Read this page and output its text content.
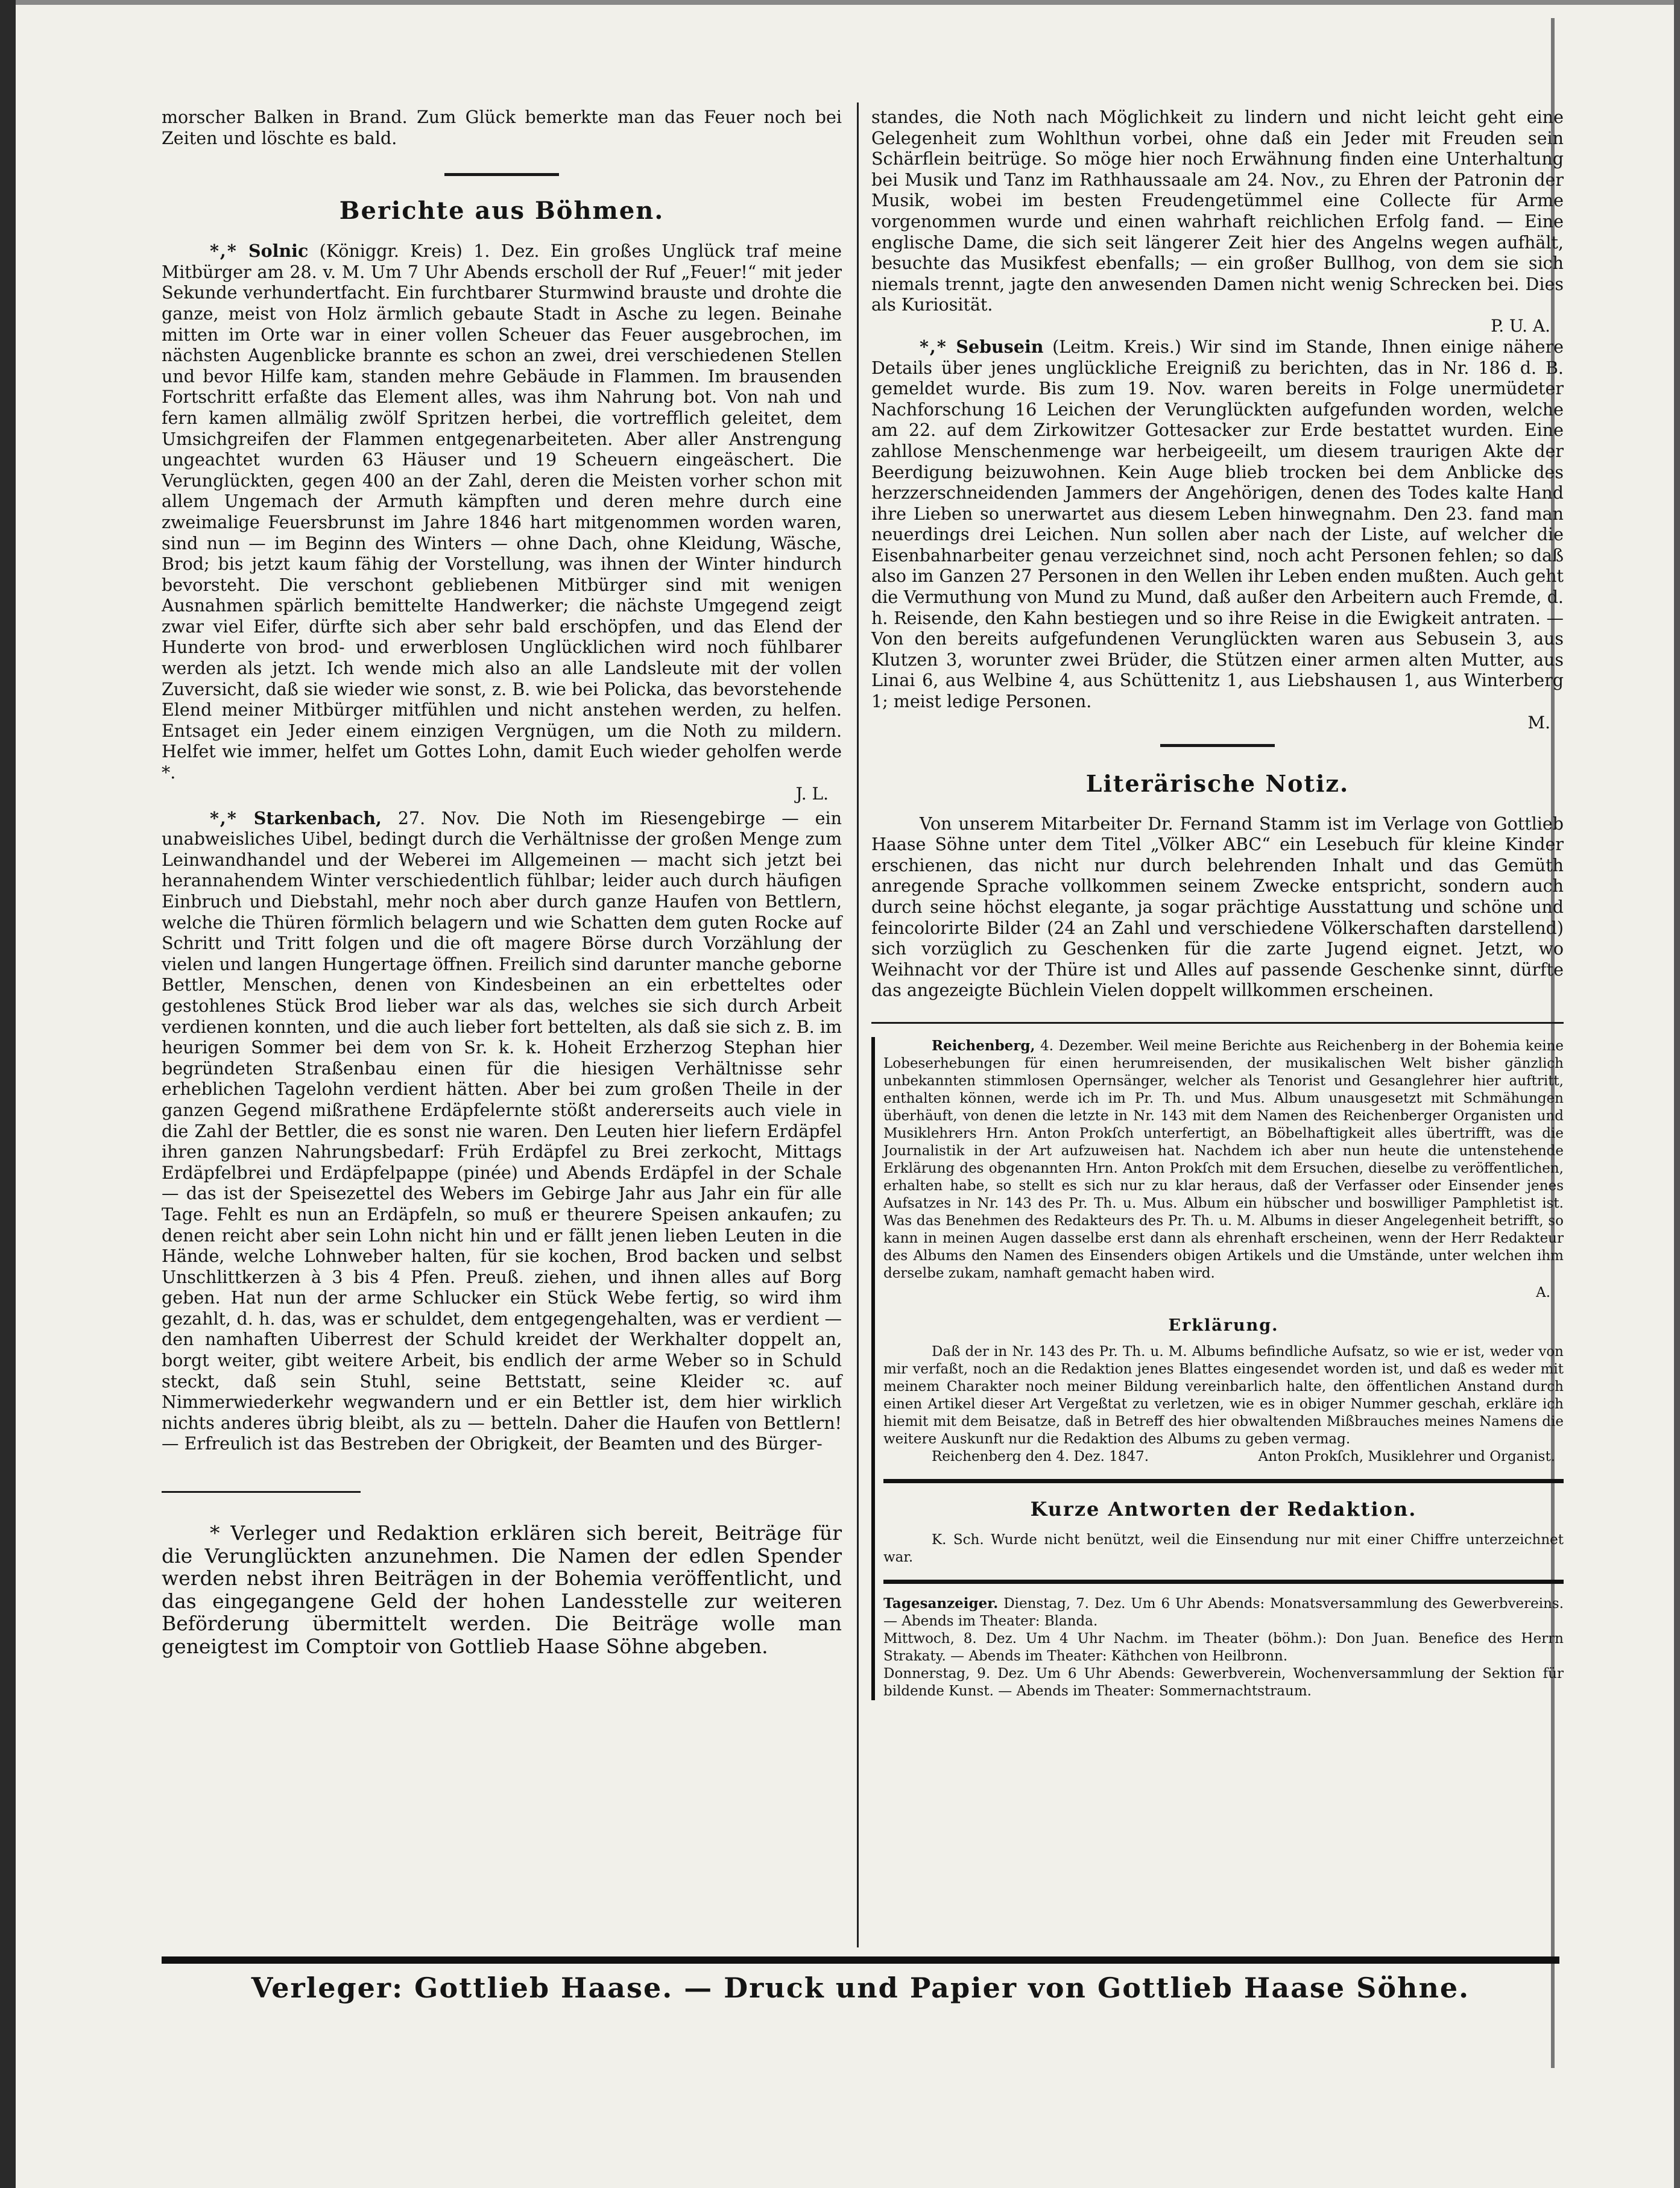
morscher Balken in Brand. Zum Glück bemerkte man das Feuer noch bei Zeiten und löschte es bald.

Berichte aus Böhmen.

*,* Solnic (Königgr. Kreis) 1. Dez. Ein großes Unglück traf meine Mitbürger am 28. v. M. Um 7 Uhr Abends erscholl der Ruf „Feuer!“ mit jeder Sekunde verhundertfacht. Ein furchtbarer Sturmwind brauste und drohte die ganze, meist von Holz ärmlich gebaute Stadt in Asche zu legen. Beinahe mitten im Orte war in einer vollen Scheuer das Feuer ausgebrochen, im nächsten Augenblicke brannte es schon an zwei, drei verschiedenen Stellen und bevor Hilfe kam, standen mehre Gebäude in Flammen. Im brausenden Fortschritt erfaßte das Element alles, was ihm Nahrung bot. Von nah und fern kamen allmälig zwölf Spritzen herbei, die vortrefflich geleitet, dem Umsichgreifen der Flammen entgegenarbeiteten. Aber aller Anstrengung ungeachtet wurden 63 Häuser und 19 Scheuern eingeäschert. Die Verunglückten, gegen 400 an der Zahl, deren die Meisten vorher schon mit allem Ungemach der Armuth kämpften und deren mehre durch eine zweimalige Feuersbrunst im Jahre 1846 hart mitgenommen worden waren, sind nun — im Beginn des Winters — ohne Dach, ohne Kleidung, Wäsche, Brod; bis jetzt kaum fähig der Vorstellung, was ihnen der Winter hindurch bevorsteht. Die verschont gebliebenen Mitbürger sind mit wenigen Ausnahmen spärlich bemittelte Handwerker; die nächste Umgegend zeigt zwar viel Eifer, dürfte sich aber sehr bald erschöpfen, und das Elend der Hunderte von brod- und erwerblosen Unglücklichen wird noch fühlbarer werden als jetzt. Ich wende mich also an alle Landsleute mit der vollen Zuversicht, daß sie wieder wie sonst, z. B. wie bei Policka, das bevorstehende Elend meiner Mitbürger mitfühlen und nicht anstehen werden, zu helfen. Entsaget ein Jeder einem einzigen Vergnügen, um die Noth zu mildern. Helfet wie immer, helfet um Gottes Lohn, damit Euch wieder geholfen werde *.

J. L.

*,* Starkenbach, 27. Nov. Die Noth im Riesengebirge — ein unabweisliches Uibel, bedingt durch die Verhältnisse der großen Menge zum Leinwandhandel und der Weberei im Allgemeinen — macht sich jetzt bei herannahendem Winter verschiedentlich fühlbar; leider auch durch häufigen Einbruch und Diebstahl, mehr noch aber durch ganze Haufen von Bettlern, welche die Thüren förmlich belagern und wie Schatten dem guten Rocke auf Schritt und Tritt folgen und die oft magere Börse durch Vorzählung der vielen und langen Hungertage öffnen. Freilich sind darunter manche geborne Bettler, Menschen, denen von Kindesbeinen an ein erbetteltes oder gestohlenes Stück Brod lieber war als das, welches sie sich durch Arbeit verdienen konnten, und die auch lieber fort bettelten, als daß sie sich z. B. im heurigen Sommer bei dem von Sr. k. k. Hoheit Erzherzog Stephan hier begründeten Straßenbau einen für die hiesigen Verhältnisse sehr erheblichen Tagelohn verdient hätten. Aber bei zum großen Theile in der ganzen Gegend mißrathene Erdäpfelernte stößt andererseits auch viele in die Zahl der Bettler, die es sonst nie waren. Den Leuten hier liefern Erdäpfel ihren ganzen Nahrungsbedarf: Früh Erdäpfel zu Brei zerkocht, Mittags Erdäpfelbrei und Erdäpfelpappe (pinée) und Abends Erdäpfel in der Schale — das ist der Speisezettel des Webers im Gebirge Jahr aus Jahr ein für alle Tage. Fehlt es nun an Erdäpfeln, so muß er theurere Speisen ankaufen; zu denen reicht aber sein Lohn nicht hin und er fällt jenen lieben Leuten in die Hände, welche Lohnweber halten, für sie kochen, Brod backen und selbst Unschlittkerzen à 3 bis 4 Pfen. Preuß. ziehen, und ihnen alles auf Borg geben. Hat nun der arme Schlucker ein Stück Webe fertig, so wird ihm gezahlt, d. h. das, was er schuldet, dem entgegengehalten, was er verdient — den namhaften Uiberrest der Schuld kreidet der Werkhalter doppelt an, borgt weiter, gibt weitere Arbeit, bis endlich der arme Weber so in Schuld steckt, daß sein Stuhl, seine Bettstatt, seine Kleider ꝛc. auf Nimmerwiederkehr wegwandern und er ein Bettler ist, dem hier wirklich nichts anderes übrig bleibt, als zu — betteln. Daher die Haufen von Bettlern! — Erfreulich ist das Bestreben der Obrigkeit, der Beamten und des Bürger-

* Verleger und Redaktion erklären sich bereit, Beiträge für die Verunglückten anzunehmen. Die Namen der edlen Spender werden nebst ihren Beiträgen in der Bohemia veröffentlicht, und das eingegangene Geld der hohen Landesstelle zur weiteren Beförderung übermittelt werden. Die Beiträge wolle man geneigtest im Comptoir von Gottlieb Haase Söhne abgeben.

standes, die Noth nach Möglichkeit zu lindern und nicht leicht geht eine Gelegenheit zum Wohlthun vorbei, ohne daß ein Jeder mit Freuden sein Schärflein beitrüge. So möge hier noch Erwähnung finden eine Unterhaltung bei Musik und Tanz im Rathhaussaale am 24. Nov., zu Ehren der Patronin der Musik, wobei im besten Freudengetümmel eine Collecte für Arme vorgenommen wurde und einen wahrhaft reichlichen Erfolg fand. — Eine englische Dame, die sich seit längerer Zeit hier des Angelns wegen aufhält, besuchte das Musikfest ebenfalls; — ein großer Bullhog, von dem sie sich niemals trennt, jagte den anwesenden Damen nicht wenig Schrecken bei. Dies als Kuriosität.

P. U. A.

*,* Sebusein (Leitm. Kreis.) Wir sind im Stande, Ihnen einige nähere Details über jenes unglückliche Ereigniß zu berichten, das in Nr. 186 d. B. gemeldet wurde. Bis zum 19. Nov. waren bereits in Folge unermüdeter Nachforschung 16 Leichen der Verunglückten aufgefunden worden, welche am 22. auf dem Zirkowitzer Gottesacker zur Erde bestattet wurden. Eine zahllose Menschenmenge war herbeigeeilt, um diesem traurigen Akte der Beerdigung beizuwohnen. Kein Auge blieb trocken bei dem Anblicke des herzzerschneidenden Jammers der Angehörigen, denen des Todes kalte Hand ihre Lieben so unerwartet aus diesem Leben hinwegnahm. Den 23. fand man neuerdings drei Leichen. Nun sollen aber nach der Liste, auf welcher die Eisenbahnarbeiter genau verzeichnet sind, noch acht Personen fehlen; so daß also im Ganzen 27 Personen in den Wellen ihr Leben enden mußten. Auch geht die Vermuthung von Mund zu Mund, daß außer den Arbeitern auch Fremde, d. h. Reisende, den Kahn bestiegen und so ihre Reise in die Ewigkeit antraten. — Von den bereits aufgefundenen Verunglückten waren aus Sebusein 3, aus Klutzen 3, worunter zwei Brüder, die Stützen einer armen alten Mutter, aus Linai 6, aus Welbine 4, aus Schüttenitz 1, aus Liebshausen 1, aus Winterberg 1; meist ledige Personen.

M.
Literärische Notiz.

Von unserem Mitarbeiter Dr. Fernand Stamm ist im Verlage von Gottlieb Haase Söhne unter dem Titel „Völker ABC“ ein Lesebuch für kleine Kinder erschienen, das nicht nur durch belehrenden Inhalt und das Gemüth anregende Sprache vollkommen seinem Zwecke entspricht, sondern auch durch seine höchst elegante, ja sogar prächtige Ausstattung und schöne und feincolorirte Bilder (24 an Zahl und verschiedene Völkerschaften darstellend) sich vorzüglich zu Geschenken für die zarte Jugend eignet. Jetzt, wo Weihnacht vor der Thüre ist und Alles auf passende Geschenke sinnt, dürfte das angezeigte Büchlein Vielen doppelt willkommen erscheinen.

Reichenberg, 4. Dezember. Weil meine Berichte aus Reichenberg in der Bohemia keine Lobeserhebungen für einen herumreisenden, der musikalischen Welt bisher gänzlich unbekannten stimmlosen Opernsänger, welcher als Tenorist und Gesanglehrer hier auftritt, enthalten können, werde ich im Pr. Th. und Mus. Album unausgesetzt mit Schmähungen überhäuft, von denen die letzte in Nr. 143 mit dem Namen des Reichenberger Organisten und Musiklehrers Hrn. Anton Prokſch unterfertigt, an Böbelhaftigkeit alles übertrifft, was die Journalistik in der Art aufzuweisen hat. Nachdem ich aber nun heute die untenstehende Erklärung des obgenannten Hrn. Anton Prokſch mit dem Ersuchen, dieselbe zu veröffentlichen, erhalten habe, so stellt es sich nur zu klar heraus, daß der Verfasser oder Einsender jenes Aufsatzes in Nr. 143 des Pr. Th. u. Mus. Album ein hübscher und boswilliger Pamphletist ist. Was das Benehmen des Redakteurs des Pr. Th. u. M. Albums in dieser Angelegenheit betrifft, so kann in meinen Augen dasselbe erst dann als ehrenhaft erscheinen, wenn der Herr Redakteur des Albums den Namen des Einsenders obigen Artikels und die Umstände, unter welchen ihm derselbe zukam, namhaft gemacht haben wird.

A.
Erklärung.

Daß der in Nr. 143 des Pr. Th. u. M. Albums befindliche Aufsatz, so wie er ist, weder von mir verfaßt, noch an die Redaktion jenes Blattes eingesendet worden ist, und daß es weder mit meinem Charakter noch meiner Bildung vereinbarlich halte, den öffentlichen Anstand durch einen Artikel dieser Art Vergeßtat zu verletzen, wie es in obiger Nummer geschah, erkläre ich hiemit mit dem Beisatze, daß in Betreff des hier obwaltenden Mißbrauches meines Namens die weitere Auskunft nur die Redaktion des Albums zu geben vermag.

Reichenberg den 4. Dez. 1847.	Anton Prokſch, Musiklehrer und Organist.

Kurze Antworten der Redaktion.

K. Sch. Wurde nicht benützt, weil die Einsendung nur mit einer Chiffre unterzeichnet war.

Tagesanzeiger. Dienstag, 7. Dez. Um 6 Uhr Abends: Monatsversammlung des Gewerbvereins. — Abends im Theater: Blanda.

Mittwoch, 8. Dez. Um 4 Uhr Nachm. im Theater (böhm.): Don Juan. Benefice des Herrn Strakaty. — Abends im Theater: Käthchen von Heilbronn.

Donnerstag, 9. Dez. Um 6 Uhr Abends: Gewerbverein, Wochenversammlung der Sektion für bildende Kunst. — Abends im Theater: Sommernachtstraum.

Verleger: Gottlieb Haase. — Druck und Papier von Gottlieb Haase Söhne.
